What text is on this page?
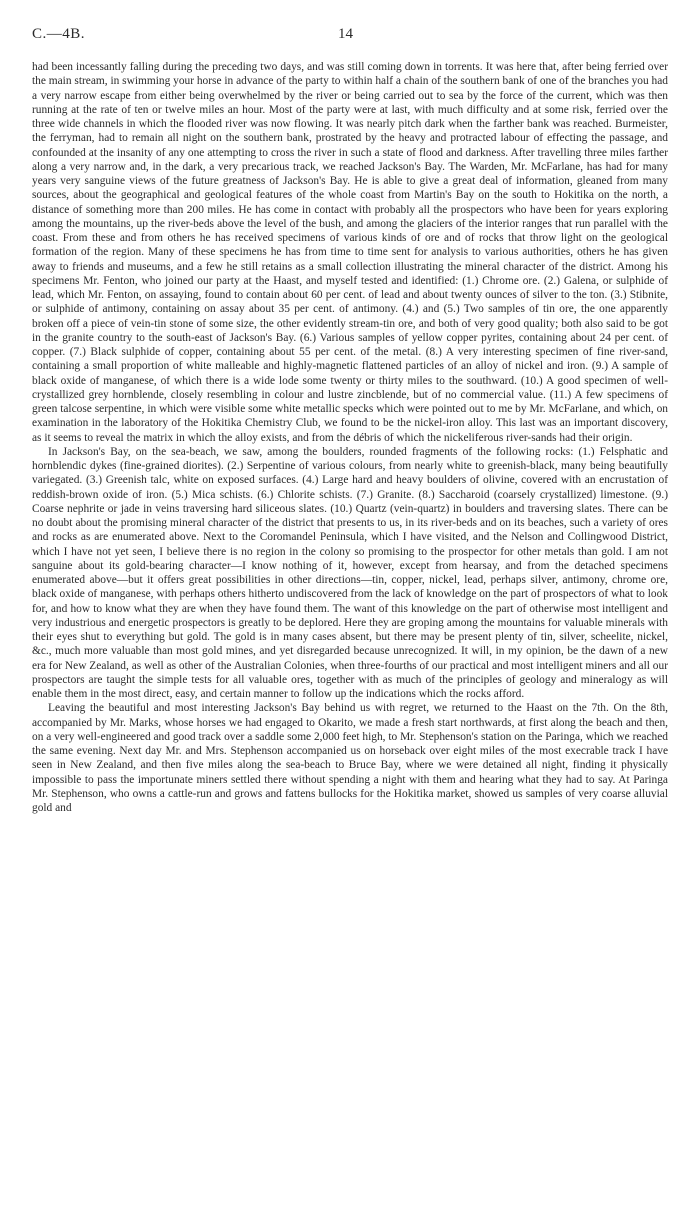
C.—4B.	14

had been incessantly falling during the preceding two days, and was still coming down in torrents. It was here that, after being ferried over the main stream, in swimming your horse in advance of the party to within half a chain of the southern bank of one of the branches you had a very narrow escape from either being overwhelmed by the river or being carried out to sea by the force of the current, which was then running at the rate of ten or twelve miles an hour. Most of the party were at last, with much difficulty and at some risk, ferried over the three wide channels in which the flooded river was now flowing. It was nearly pitch dark when the farther bank was reached. Burmeister, the ferryman, had to remain all night on the southern bank, prostrated by the heavy and protracted labour of effecting the passage, and confounded at the insanity of any one attempting to cross the river in such a state of flood and darkness. After travelling three miles farther along a very narrow and, in the dark, a very precarious track, we reached Jackson's Bay. The Warden, Mr. McFarlane, has had for many years very sanguine views of the future greatness of Jackson's Bay. He is able to give a great deal of information, gleaned from many sources, about the geographical and geological features of the whole coast from Martin's Bay on the south to Hokitika on the north, a distance of something more than 200 miles. He has come in contact with probably all the prospectors who have been for years exploring among the mountains, up the river-beds above the level of the bush, and among the glaciers of the interior ranges that run parallel with the coast. From these and from others he has received specimens of various kinds of ore and of rocks that throw light on the geological formation of the region. Many of these specimens he has from time to time sent for analysis to various authorities, others he has given away to friends and museums, and a few he still retains as a small collection illustrating the mineral character of the district. Among his specimens Mr. Fenton, who joined our party at the Haast, and myself tested and identified: (1.) Chrome ore. (2.) Galena, or sulphide of lead, which Mr. Fenton, on assaying, found to contain about 60 per cent. of lead and about twenty ounces of silver to the ton. (3.) Stibnite, or sulphide of antimony, containing on assay about 35 per cent. of antimony. (4.) and (5.) Two samples of tin ore, the one apparently broken off a piece of vein-tin stone of some size, the other evidently stream-tin ore, and both of very good quality; both also said to be got in the granite country to the south-east of Jackson's Bay. (6.) Various samples of yellow copper pyrites, containing about 24 per cent. of copper. (7.) Black sulphide of copper, containing about 55 per cent. of the metal. (8.) A very interesting specimen of fine river-sand, containing a small proportion of white malleable and highly-magnetic flattened particles of an alloy of nickel and iron. (9.) A sample of black oxide of manganese, of which there is a wide lode some twenty or thirty miles to the southward. (10.) A good specimen of well-crystallized grey hornblende, closely resembling in colour and lustre zincblende, but of no commercial value. (11.) A few specimens of green talcose serpentine, in which were visible some white metallic specks which were pointed out to me by Mr. McFarlane, and which, on examination in the laboratory of the Hokitika Chemistry Club, we found to be the nickel-iron alloy. This last was an important discovery, as it seems to reveal the matrix in which the alloy exists, and from the débris of which the nickeliferous river-sands had their origin.

In Jackson's Bay, on the sea-beach, we saw, among the boulders, rounded fragments of the following rocks: (1.) Felsphatic and hornblendic dykes (fine-grained diorites). (2.) Serpentine of various colours, from nearly white to greenish-black, many being beautifully variegated. (3.) Greenish talc, white on exposed surfaces. (4.) Large hard and heavy boulders of olivine, covered with an encrustation of reddish-brown oxide of iron. (5.) Mica schists. (6.) Chlorite schists. (7.) Granite. (8.) Saccharoid (coarsely crystallized) limestone. (9.) Coarse nephrite or jade in veins traversing hard siliceous slates. (10.) Quartz (vein-quartz) in boulders and traversing slates. There can be no doubt about the promising mineral character of the district that presents to us, in its river-beds and on its beaches, such a variety of ores and rocks as are enumerated above. Next to the Coromandel Peninsula, which I have visited, and the Nelson and Collingwood District, which I have not yet seen, I believe there is no region in the colony so promising to the prospector for other metals than gold. I am not sanguine about its gold-bearing character—I know nothing of it, however, except from hearsay, and from the detached specimens enumerated above—but it offers great possibilities in other directions—tin, copper, nickel, lead, perhaps silver, antimony, chrome ore, black oxide of manganese, with perhaps others hitherto undiscovered from the lack of knowledge on the part of prospectors of what to look for, and how to know what they are when they have found them. The want of this knowledge on the part of otherwise most intelligent and very industrious and energetic prospectors is greatly to be deplored. Here they are groping among the mountains for valuable minerals with their eyes shut to everything but gold. The gold is in many cases absent, but there may be present plenty of tin, silver, scheelite, nickel, &c., much more valuable than most gold mines, and yet disregarded because unrecognized. It will, in my opinion, be the dawn of a new era for New Zealand, as well as other of the Australian Colonies, when three-fourths of our practical and most intelligent miners and all our prospectors are taught the simple tests for all valuable ores, together with as much of the principles of geology and mineralogy as will enable them in the most direct, easy, and certain manner to follow up the indications which the rocks afford.

Leaving the beautiful and most interesting Jackson's Bay behind us with regret, we returned to the Haast on the 7th. On the 8th, accompanied by Mr. Marks, whose horses we had engaged to Okarito, we made a fresh start northwards, at first along the beach and then, on a very well-engineered and good track over a saddle some 2,000 feet high, to Mr. Stephenson's station on the Paringa, which we reached the same evening. Next day Mr. and Mrs. Stephenson accompanied us on horseback over eight miles of the most execrable track I have seen in New Zealand, and then five miles along the sea-beach to Bruce Bay, where we were detained all night, finding it physically impossible to pass the importunate miners settled there without spending a night with them and hearing what they had to say. At Paringa Mr. Stephenson, who owns a cattle-run and grows and fattens bullocks for the Hokitika market, showed us samples of very coarse alluvial gold and
